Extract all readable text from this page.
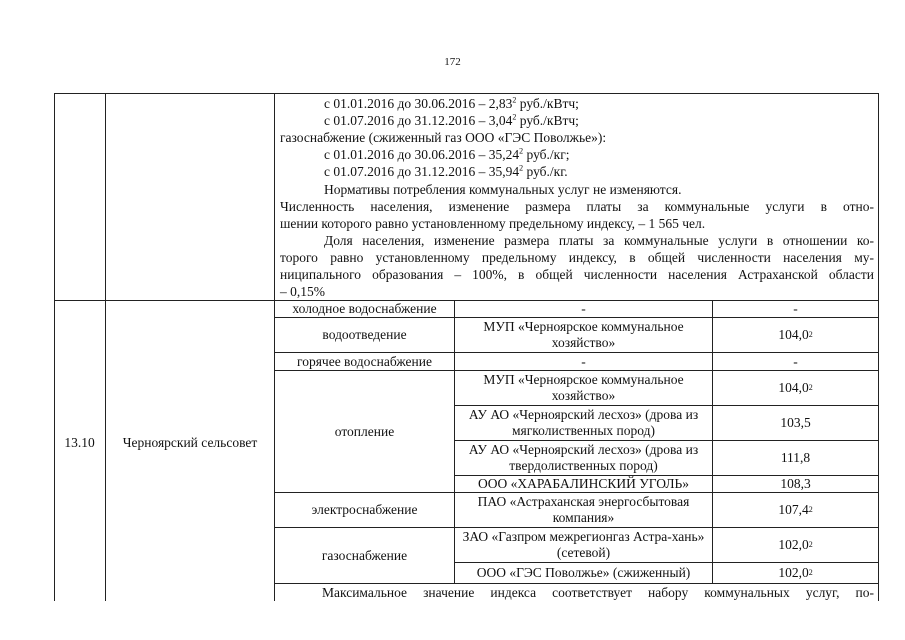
172
с 01.01.2016 до 30.06.2016 – 2,83$^2$ руб./кВтч;
с 01.07.2016 до 31.12.2016 – 3,04$^2$ руб./кВтч;
газоснабжение (сжиженный газ ООО «ГЭС Поволжье»):
с 01.01.2016 до 30.06.2016 – 35,24$^2$ руб./кг;
с 01.07.2016 до 31.12.2016 – 35,94$^2$ руб./кг.
Нормативы потребления коммунальных услуг не изменяются.
Численность населения, изменение размера платы за коммунальные услуги в отно-
шении которого равно установленному предельному индексу, – 1 565 чел.
Доля населения, изменение размера платы за коммунальные услуги в отношении ко-
торого равно установленному предельному индексу, в общей численности населения му-
ниципального образования – 100%, в общей численности населения Астраханской области
– 0,15%
13.10	Черноярский сельсовет
холодное водоснабжение
водоотведение
горячее водоснабжение
отопление
электроснабжение
газоснабжение
-
МУП «Черноярское коммунальное хозяйство»
-
МУП «Черноярское коммунальное хозяйство»
АУ АО «Черноярский лесхоз» (дрова из мягколиственных пород)
АУ АО «Черноярский лесхоз» (дрова из твердолиственных пород)
ООО «ХАРАБАЛИНСКИЙ УГОЛЬ»
ПАО «Астраханская энергосбытовая компания»
ЗАО «Газпром межрегионгаз Астра-хань» (сетевой)
ООО «ГЭС Поволжье» (сжиженный)
-
104,0 2
-
104,0 2
103,5
111,8
108,3
107,4 2
102,0 2
102,0 2
Максимальное значение индекса соответствует набору коммунальных услуг, по-
